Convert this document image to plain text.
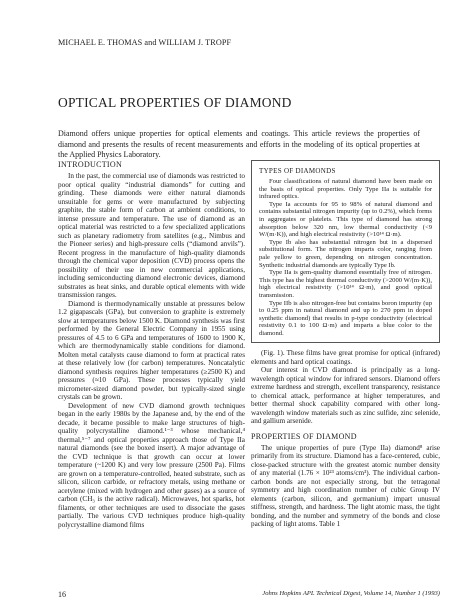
MICHAEL E. THOMAS and WILLIAM J. TROPF
OPTICAL PROPERTIES OF DIAMOND

Diamond offers unique properties for optical elements and coatings. This article reviews the properties of diamond and presents the results of recent measurements and efforts in the modeling of its optical properties at the Applied Physics Laboratory.

INTRODUCTION

In the past, the commercial use of diamonds was restricted to poor optical quality “industrial diamonds” for cutting and grinding. These diamonds were either natural diamonds unsuitable for gems or were manufactured by subjecting graphite, the stable form of carbon at ambient conditions, to intense pressure and temperature. The use of diamond as an optical material was restricted to a few specialized applications such as planetary radiometry from satellites (e.g., Nimbus and the Pioneer series) and high-pressure cells (“diamond anvils”). Recent progress in the manufacture of high-quality diamonds through the chemical vapor deposition (CVD) process opens the possibility of their use in new commercial applications, including semiconducting diamond electronic devices, diamond substrates as heat sinks, and durable optical elements with wide transmission ranges.

Diamond is thermodynamically unstable at pressures below 1.2 gigapascals (GPa), but conversion to graphite is extremely slow at temperatures below 1500 K. Diamond synthesis was first performed by the General Electric Company in 1955 using pressures of 4.5 to 6 GPa and temperatures of 1600 to 1900 K, which are thermodynamically stable conditions for diamond. Molten metal catalysts cause diamond to form at practical rates at these relatively low (for carbon) temperatures. Noncatalytic diamond synthesis requires higher temperatures (≥2500 K) and pressures (≈10 GPa). These processes typically yield micrometer-sized diamond powder, but typically-sized single crystals can be grown.

Development of new CVD diamond growth techniques began in the early 1980s by the Japanese and, by the end of the decade, it became possible to make large structures of high-quality polycrystalline diamond.¹⁻³ whose mechanical,⁴ thermal,⁵⁻⁷ and optical properties approach those of Type IIa natural diamonds (see the boxed insert). A major advantage of the CVD technique is that growth can occur at lower temperature (~1200 K) and very low pressure (2500 Pa). Films are grown on a temperature-controlled, heated substrate, such as silicon, silicon carbide, or refractory metals, using methane or acetylene (mixed with hydrogen and other gases) as a source of carbon (CH₃ is the active radical). Microwaves, hot sparks, hot filaments, or other techniques are used to dissociate the gases partially. The various CVD techniques produce high-quality polycrystalline diamond films

TYPES OF DIAMONDS

Four classifications of natural diamond have been made on the basis of optical properties. Only Type IIa is suitable for infrared optics.

Type Ia accounts for 95 to 98% of natural diamond and contains substantial nitrogen impurity (up to 0.2%), which forms in aggregates or platelets. This type of diamond has strong absorption below 320 nm, low thermal conductivity (<9 W/(m·K)), and high electrical resistivity (>10¹⁴ Ω·m).

Type Ib also has substantial nitrogen but in a dispersed substitutional form. The nitrogen imparts color, ranging from pale yellow to green, depending on nitrogen concentration. Synthetic industrial diamonds are typically Type Ib.

Type IIa is gem-quality diamond essentially free of nitrogen. This type has the highest thermal conductivity (>2000 W/(m·K)), high electrical resistivity (>10¹⁴ Ω·m), and good optical transmission.

Type IIb is also nitrogen-free but contains boron impurity (up to 0.25 ppm in natural diamond and up to 270 ppm in doped synthetic diamond) that results in p-type conductivity (electrical resistivity 0.1 to 100 Ω·m) and imparts a blue color to the diamond.

(Fig. 1). These films have great promise for optical (infrared) elements and hard optical coatings.

Our interest in CVD diamond is principally as a long-wavelength optical window for infrared sensors. Diamond offers extreme hardness and strength, excellent transparency, resistance to chemical attack, performance at higher temperatures, and better thermal shock capability compared with other long-wavelength window materials such as zinc sulfide, zinc selenide, and gallium arsenide.

PROPERTIES OF DIAMOND

The unique properties of pure (Type IIa) diamond⁸ arise primarily from its structure. Diamond has a face-centered, cubic, close-packed structure with the greatest atomic number density of any material (1.76 × 10²³ atoms/cm³). The individual carbon-carbon bonds are not especially strong, but the tetragonal symmetry and high coordination number of cubic Group IV elements (carbon, silicon, and germanium) impart unusual stiffness, strength, and hardness. The light atomic mass, the tight bonding, and the number and symmetry of the bonds and close packing of light atoms. Table 1

16	Johns Hopkins APL Technical Digest, Volume 14, Number 1 (1993)
